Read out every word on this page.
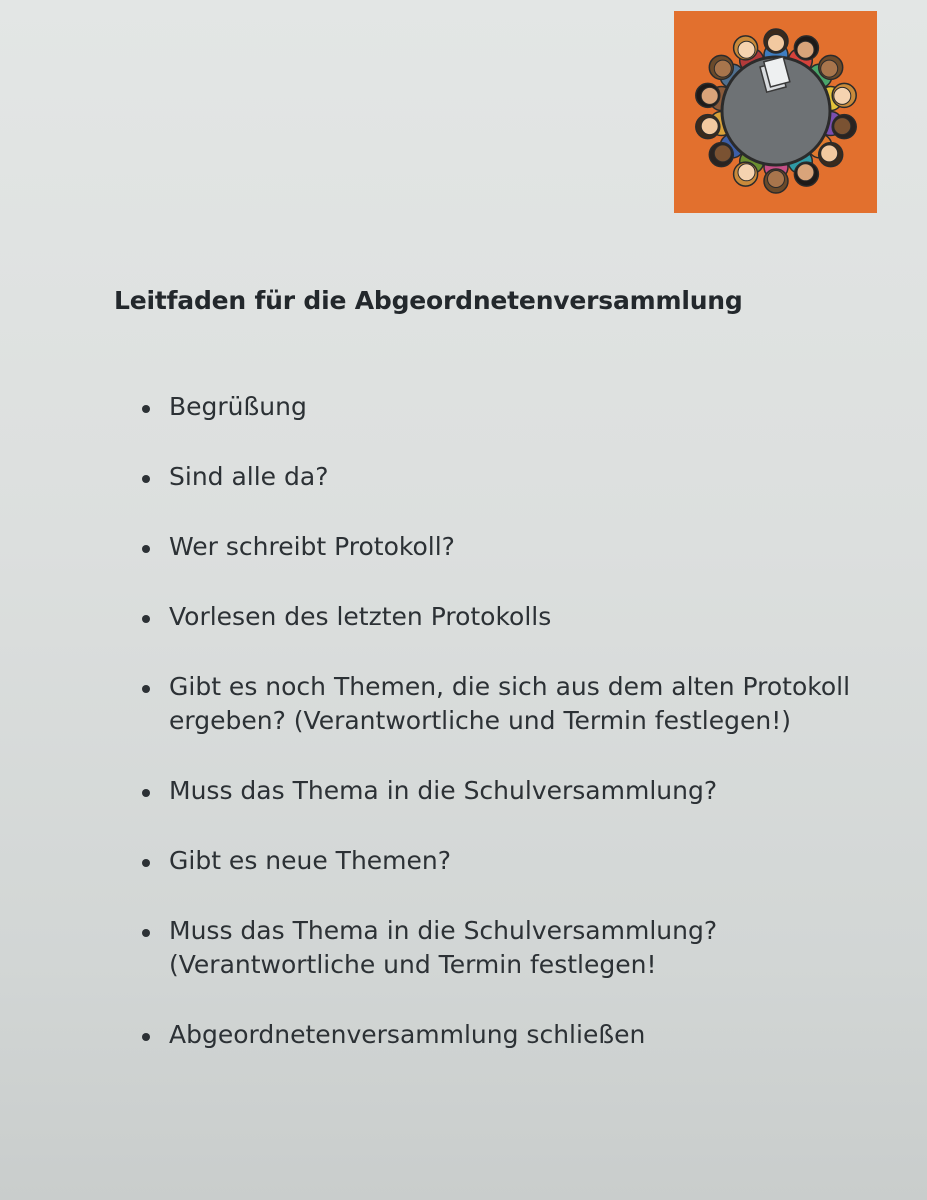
Leitfaden für die Abgeordnetenversammlung
Begrüßung
Sind alle da?
Wer schreibt Protokoll?
Vorlesen des letzten Protokolls
Gibt es noch Themen, die sich aus dem alten Protokoll ergeben? (Verantwortliche und Termin festlegen!)
Muss das Thema in die Schulversammlung?
Gibt es neue Themen?
Muss das Thema in die Schulversammlung? (Verantwortliche und Termin festlegen!
Abgeordnetenversammlung schließen
